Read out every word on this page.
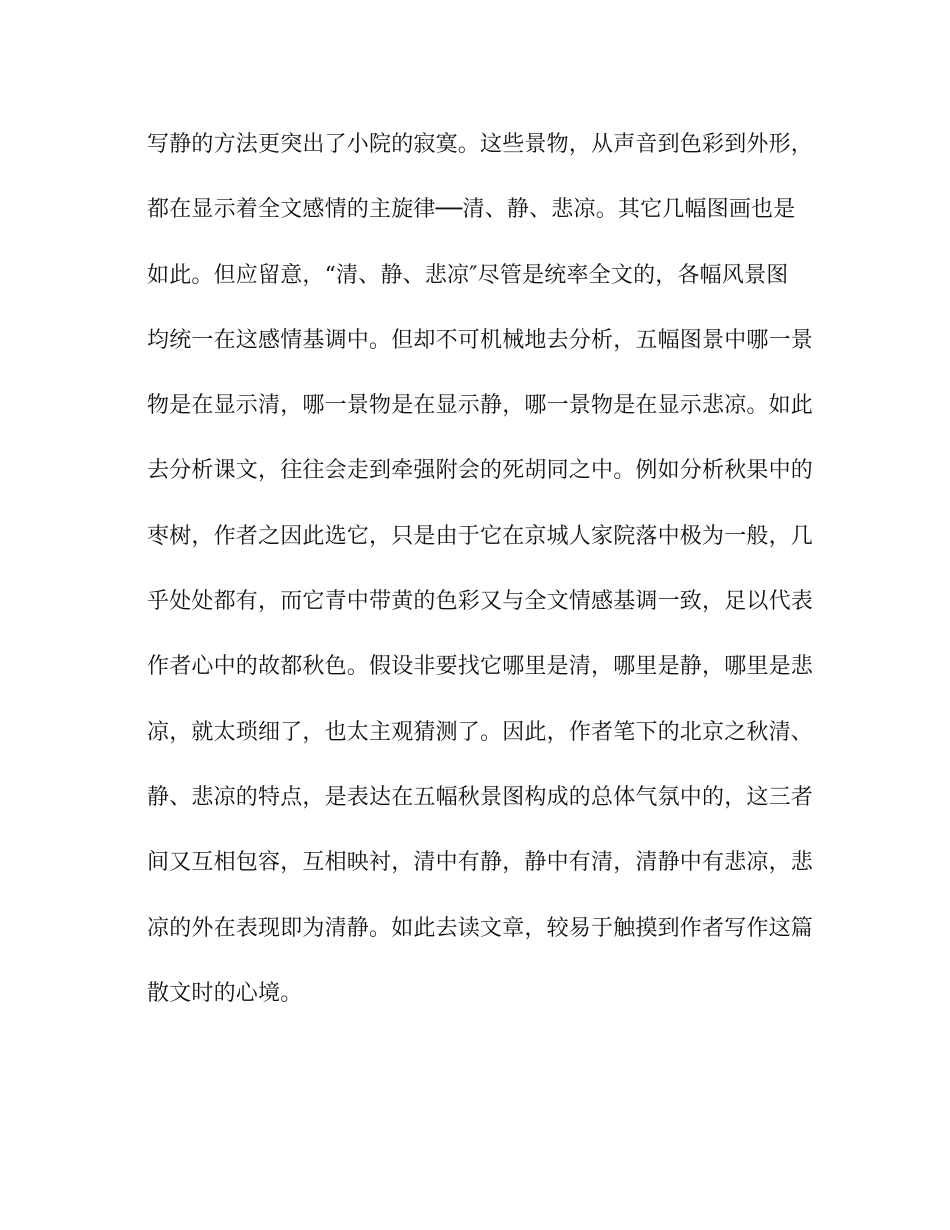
写静的方法更突出了小院的寂寞。这些景物，从声音到色彩到外形，
都在显示着全文感情的主旋律──清、静、悲凉。其它几幅图画也是
如此。但应留意，“清、静、悲凉″尽管是统率全文的，各幅风景图
均统一在这感情基调中。但却不可机械地去分析，五幅图景中哪一景
物是在显示清，哪一景物是在显示静，哪一景物是在显示悲凉。如此
去分析课文，往往会走到牵强附会的死胡同之中。例如分析秋果中的
枣树，作者之因此选它，只是由于它在京城人家院落中极为一般，几
乎处处都有，而它青中带黄的色彩又与全文情感基调一致，足以代表
作者心中的故都秋色。假设非要找它哪里是清，哪里是静，哪里是悲
凉，就太琐细了，也太主观猜测了。因此，作者笔下的北京之秋清、
静、悲凉的特点，是表达在五幅秋景图构成的总体气氛中的，这三者
间又互相包容，互相映衬，清中有静，静中有清，清静中有悲凉，悲
凉的外在表现即为清静。如此去读文章，较易于触摸到作者写作这篇
散文时的心境。
